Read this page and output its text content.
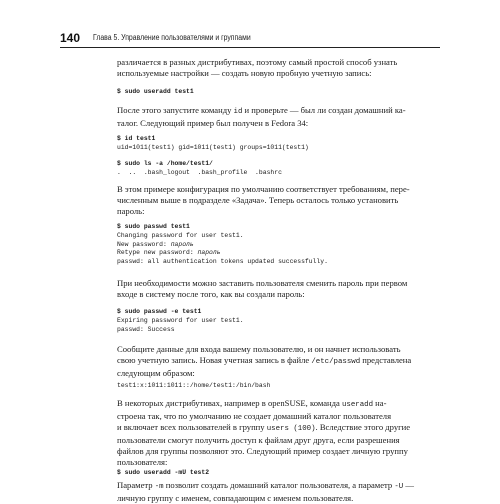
140 Глава 5. Управление пользователями и группами

различается в разных дистрибутивах, поэтому самый простой способ узнать
используемые настройки — создать новую пробную учетную запись:

$ sudo useradd test1

После этого запустите команду id и проверьте — был ли создан домашний ка-
талог. Следующий пример был получен в Fedora 34:

$ id test1
uid=1011(test1) gid=1011(test1) groups=1011(test1)
$ sudo ls -a /home/test1/
.  ..  .bash_logout  .bash_profile  .bashrc

В этом примере конфигурация по умолчанию соответствует требованиям, пере-
численным выше в подразделе «Задача». Теперь осталось только установить
пароль:

$ sudo passwd test1
Changing password for user test1.
New password: пароль
Retype new password: пароль
passwd: all authentication tokens updated successfully.

При необходимости можно заставить пользователя сменить пароль при первом
входе в систему после того, как вы создали пароль:

$ sudo passwd -e test1
Expiring password for user test1.
passwd: Success

Сообщите данные для входа вашему пользователю, и он начнет использовать
свою учетную запись. Новая учетная запись в файле /etc/passwd представлена
следующим образом:

test1:x:1011:1011::/home/test1:/bin/bash

В некоторых дистрибутивах, например в openSUSE, команда useradd на-
строена так, что по умолчанию не создает домашний каталог пользователя
и включает всех пользователей в группу users (100). Вследствие этого другие
пользователи смогут получить доступ к файлам друг друга, если разрешения
файлов для группы позволяют это. Следующий пример создает личную группу
пользователя:

$ sudo useradd -mU test2

Параметр -m позволит создать домашний каталог пользователя, а параметр -U —
личную группу с именем, совпадающим с именем пользователя.
